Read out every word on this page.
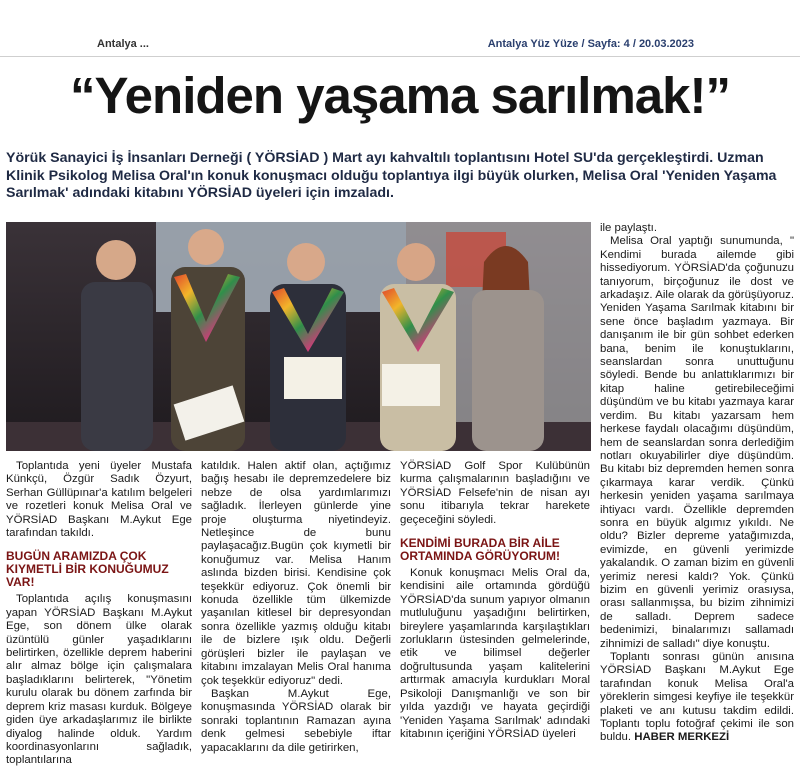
Antalya ...	Antalya Yüz Yüze / Sayfa: 4 / 20.03.2023
“Yeniden yaşama sarılmak!”
Yörük Sanayici İş İnsanları Derneği ( YÖRSİAD ) Mart ayı kahvaltılı toplantısını Hotel SU'da gerçekleştirdi. Uzman Klinik Psikolog Melisa Oral'ın konuk konuşmacı olduğu toplantıya ilgi büyük olurken, Melisa Oral 'Yeniden Yaşama Sarılmak' adındaki kitabını YÖRSİAD üyeleri için imzaladı.

Toplantıda yeni üyeler Mustafa Künkçü, Özgür Sadık Özyurt, Serhan Güllüpınar'a katılım belgeleri ve rozetleri konuk Melisa Oral ve YÖRSİAD Başkanı M.Aykut Ege tarafından takıldı.

BUGÜN ARAMIZDA ÇOK KIYMETLİ BİR KONUĞUMUZ VAR!

Toplantıda açılış konuşmasını yapan YÖRSİAD Başkanı M.Aykut Ege, son dönem ülke olarak üzüntülü günler yaşadıklarını belirtirken, özellikle deprem haberini alır almaz bölge için çalışmalara başladıklarını belirterek, "Yönetim kurulu olarak bu dönem zarfında bir deprem kriz masası kurduk. Bölgeye giden üye arkadaşlarımız ile birlikte diyalog halinde olduk. Yardım koordinasyonlarını sağladık, toplantılarına

katıldık. Halen aktif olan, açtığımız bağış hesabı ile depremzedelere biz nebze de olsa yardımlarımızı sağladık. İlerleyen günlerde yine proje oluşturma niyetindeyiz. Netleşince de bunu paylaşacağız.Bugün çok kıymetli bir konuğumuz var. Melisa Hanım aslında bizden birisi. Kendisine çok teşekkür ediyoruz. Çok önemli bir konuda özellikle tüm ülkemizde yaşanılan kitlesel bir depresyondan sonra özellikle yazmış olduğu kitabı ile de bizlere ışık oldu. Değerli görüşleri bizler ile paylaşan ve kitabını imzalayan Melis Oral hanıma çok teşekkür ediyoruz" dedi.

Başkan M.Aykut Ege, konuşmasında YÖRSİAD olarak bir sonraki toplantının Ramazan ayına denk gelmesi sebebiyle iftar yapacaklarını da dile getirirken,

YÖRSİAD Golf Spor Kulübünün kurma çalışmalarının başladığını ve YÖRSİAD Felsefe'nin de nisan ayı sonu itibarıyla tekrar harekete geçeceğini söyledi.

KENDİMİ BURADA BİR AİLE ORTAMINDA GÖRÜYORUM!

Konuk konuşmacı Melis Oral da, kendisini aile ortamında gördüğü YÖRSİAD'da sunum yapıyor olmanın mutluluğunu yaşadığını belirtirken, bireylere yaşamlarında karşılaştıkları zorlukların üstesinden gelmelerinde, etik ve bilimsel değerler doğrultusunda yaşam kalitelerini arttırmak amacıyla kurdukları Moral Psikoloji Danışmanlığı ve son bir yılda yazdığı ve hayata geçirdiği 'Yeniden Yaşama Sarılmak' adındaki kitabının içeriğini YÖRSİAD üyeleri

ile paylaştı.

Melisa Oral yaptığı sunumunda, " Kendimi burada ailemde gibi hissediyorum. YÖRSİAD'da çoğunuzu tanıyorum, birçoğunuz ile dost ve arkadaşız. Aile olarak da görüşüyoruz. Yeniden Yaşama Sarılmak kitabını bir sene önce başladım yazmaya. Bir danışanım ile bir gün sohbet ederken bana, benim ile konuştuklarını, seanslardan sonra unuttuğunu söyledi. Bende bu anlattıklarımızı bir kitap haline getirebileceğimi düşündüm ve bu kitabı yazmaya karar verdim. Bu kitabı yazarsam hem herkese faydalı olacağımı düşündüm, hem de seanslardan sonra derlediğim notları okuyabilirler diye düşündüm. Bu kitabı biz depremden hemen sonra çıkarmaya karar verdik. Çünkü herkesin yeniden yaşama sarılmaya ihtiyacı vardı. Özellikle depremden sonra en büyük algımız yıkıldı. Ne oldu? Bizler depreme yatağımızda, evimizde, en güvenli yerimizde yakalandık. O zaman bizim en güvenli yerimiz neresi kaldı? Yok. Çünkü bizim en güvenli yerimiz orasıysa, orası sallanmışsa, bu bizim zihnimizi de salladı. Deprem sadece bedenimizi, binalarımızı sallamadı zihnimizi de salladı" diye konuştu.

Toplantı sonrası günün anısına YÖRSİAD Başkanı M.Aykut Ege tarafından konuk Melisa Oral'a yöreklerin simgesi keyfiye ile teşekkür plaketi ve anı kutusu takdim edildi. Toplantı toplu fotoğraf çekimi ile son buldu. HABER MERKEZİ
